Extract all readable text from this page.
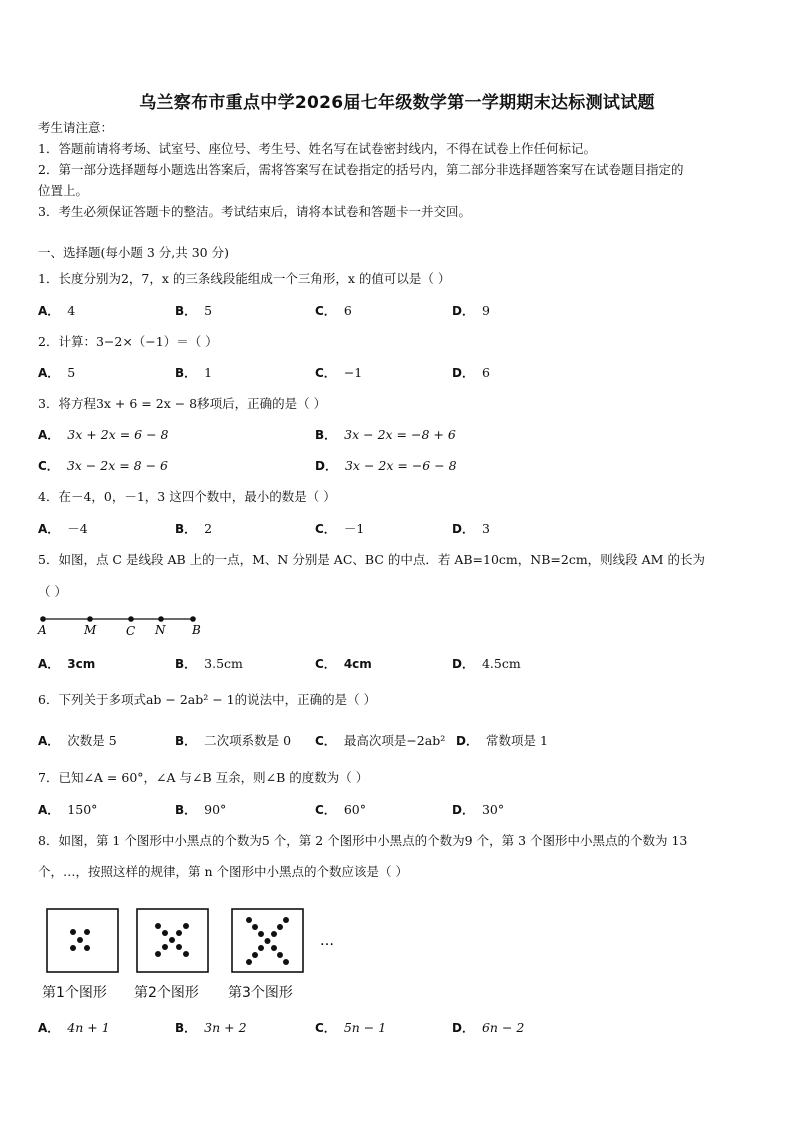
乌兰察布市重点中学2026届七年级数学第一学期期末达标测试试题
考生请注意：
1．答题前请将考场、试室号、座位号、考生号、姓名写在试卷密封线内，不得在试卷上作任何标记。
2．第一部分选择题每小题选出答案后，需将答案写在试卷指定的括号内，第二部分非选择题答案写在试卷题目指定的
位置上。
3．考生必须保证答题卡的整洁。考试结束后，请将本试卷和答题卡一并交回。
一、选择题(每小题 3 分,共 30 分)
1．长度分别为2，7，x 的三条线段能组成一个三角形，x 的值可以是（ ）
A． 4	B． 5	C． 6	D． 9
2．计算：3−2×（−1）＝（ ）
A． 5	B． 1	C． −1	D． 6
3．将方程3x + 6 = 2x − 8移项后，正确的是（ ）
A． 3x + 2x = 6 − 8	B． 3x − 2x = −8 + 6
C． 3x − 2x = 8 − 6	D． 3x − 2x = −6 − 8
4．在－4，0，－1，3 这四个数中，最小的数是（ ）
A． －4	B． 2	C． －1	D． 3
5．如图，点 C 是线段 AB 上的一点，M、N 分别是 AC、BC 的中点．若 AB=10cm，NB=2cm，则线段 AM 的长为
（ ）
A	M C N B
A． 3cm	B． 3.5cm	C． 4cm	D． 4.5cm
6．下列关于多项式ab − 2ab² − 1的说法中，正确的是（ ）
A． 次数是 5	B． 二次项系数是 0 C． 最高次项是−2ab² D． 常数项是 1
7．已知∠A = 60°，∠A 与∠B 互余，则∠B 的度数为（ ）
A． 150°	B． 90°	C． 60°	D． 30°
8．如图，第 1 个图形中小黑点的个数为5 个，第 2 个图形中小黑点的个数为9 个，第 3 个图形中小黑点的个数为 13
个，…，按照这样的规律，第 n 个图形中小黑点的个数应该是（ ）
…
第1个图形 第2个图形 第3个图形
A． 4n + 1	B． 3n + 2	C． 5n − 1	D． 6n − 2
